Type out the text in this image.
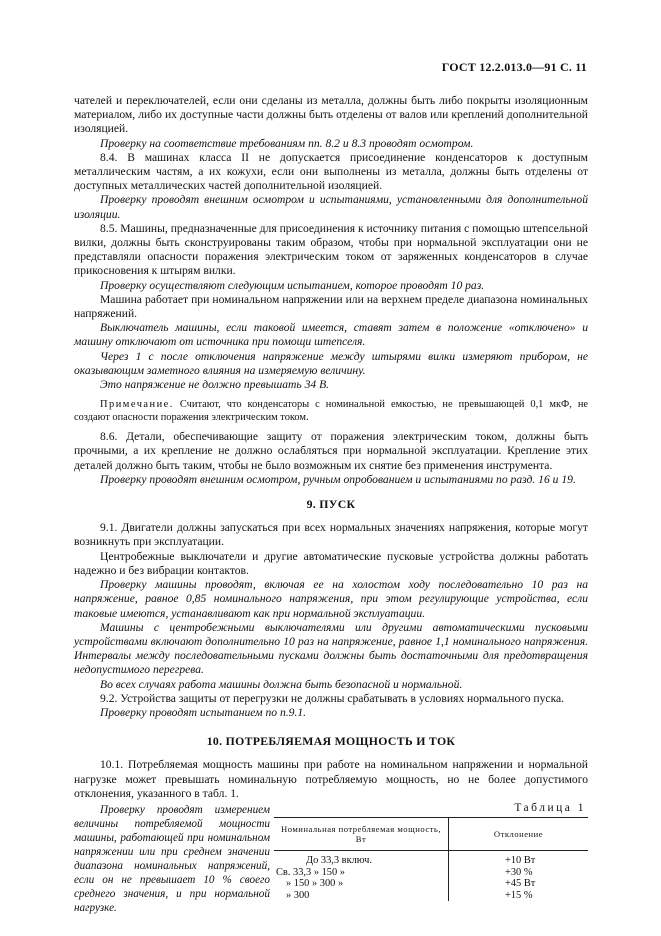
ГОСТ 12.2.013.0—91 С. 11

чателей и переключателей, если они сделаны из металла, должны быть либо покрыты изоляционным материалом, либо их доступные части должны быть отделены от валов или креплений дополнительной изоляцией.

Проверку на соответствие требованиям пп. 8.2 и 8.3 проводят осмотром.

8.4. В машинах класса II не допускается присоединение конденсаторов к доступным металлическим частям, а их кожухи, если они выполнены из металла, должны быть отделены от доступных металлических частей дополнительной изоляцией.

Проверку проводят внешним осмотром и испытаниями, установленными для дополнительной изоляции.

8.5. Машины, предназначенные для присоединения к источнику питания с помощью штепсельной вилки, должны быть сконструированы таким образом, чтобы при нормальной эксплуатации они не представляли опасности поражения электрическим током от заряженных конденсаторов в случае прикосновения к штырям вилки.

Проверку осуществляют следующим испытанием, которое проводят 10 раз.

Машина работает при номинальном напряжении или на верхнем пределе диапазона номинальных напряжений.

Выключатель машины, если таковой имеется, ставят затем в положение «отключено» и машину отключают от источника при помощи штепселя.

Через 1 с после отключения напряжение между штырями вилки измеряют прибором, не оказывающим заметного влияния на измеряемую величину.

Это напряжение не должно превышать 34 В.

Примечание. Считают, что конденсаторы с номинальной емкостью, не превышающей 0,1 мкФ, не создают опасности поражения электрическим током.

8.6. Детали, обеспечивающие защиту от поражения электрическим током, должны быть прочными, а их крепление не должно ослабляться при нормальной эксплуатации. Крепление этих деталей должно быть таким, чтобы не было возможным их снятие без применения инструмента.

Проверку проводят внешним осмотром, ручным опробованием и испытаниями по разд. 16 и 19.

9. ПУСК

9.1. Двигатели должны запускаться при всех нормальных значениях напряжения, которые могут возникнуть при эксплуатации.

Центробежные выключатели и другие автоматические пусковые устройства должны работать надежно и без вибрации контактов.

Проверку машины проводят, включая ее на холостом ходу последовательно 10 раз на напряжение, равное 0,85 номинального напряжения, при этом регулирующие устройства, если таковые имеются, устанавливают как при нормальной эксплуатации.

Машины с центробежными выключателями или другими автоматическими пусковыми устройствами включают дополнительно 10 раз на напряжение, равное 1,1 номинального напряжения. Интервалы между последовательными пусками должны быть достаточными для предотвращения недопустимого перегрева.

Во всех случаях работа машины должна быть безопасной и нормальной.

9.2. Устройства защиты от перегрузки не должны срабатывать в условиях нормального пуска.

Проверку проводят испытанием по п.9.1.

10. ПОТРЕБЛЯЕМАЯ МОЩНОСТЬ И ТОК

10.1. Потребляемая мощность машины при работе на номинальном напряжении и нормальной нагрузке может превышать номинальную потребляемую мощность, но не более допустимого отклонения, указанного в табл. 1.

Проверку проводят измерением величины потребляемой мощности машины, работающей при номинальном напряжении или при среднем значении диапазона номинальных напряжений, если он не превышает 10 % своего среднего значения, и при нормальной нагрузке.
Таблица 1
Номинальная потребляемая мощность, Вт	Отклонение
До 33,3 включ.	+10 Вт
Св. 33,3 » 150 »	+30 %
» 150 » 300 »	+45 Вт
» 300	+15 %
